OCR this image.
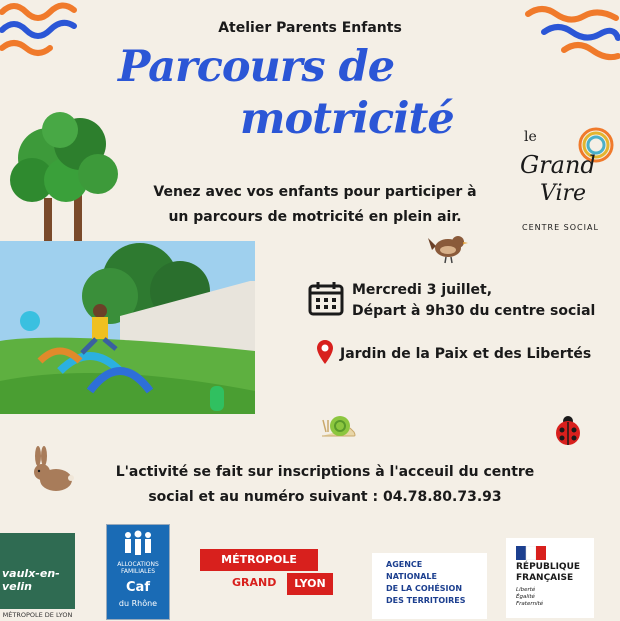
Atelier Parents Enfants
Parcours de
motricité
Venez avec vos enfants pour participer à
un parcours de motricité en plein air.
le
Grand
Vire
CENTRE SOCIAL
Mercredi 3 juillet,
Départ à 9h30 du centre social
Jardin de la Paix et des Libertés
L'activité se fait sur inscriptions à l'acceuil du centre
social et au numéro suivant : 04.78.80.73.93
vaulx-en-velin
MÉTROPOLE DE LYON
ALLOCATIONS
FAMILIALES
Caf
du Rhône
MÉTROPOLE
GRAND	LYON
AGENCE
NATIONALE
DE LA COHÉSION
DES TERRITOIRES
RÉPUBLIQUE
FRANÇAISE
Liberté
Égalité
Fraternité
